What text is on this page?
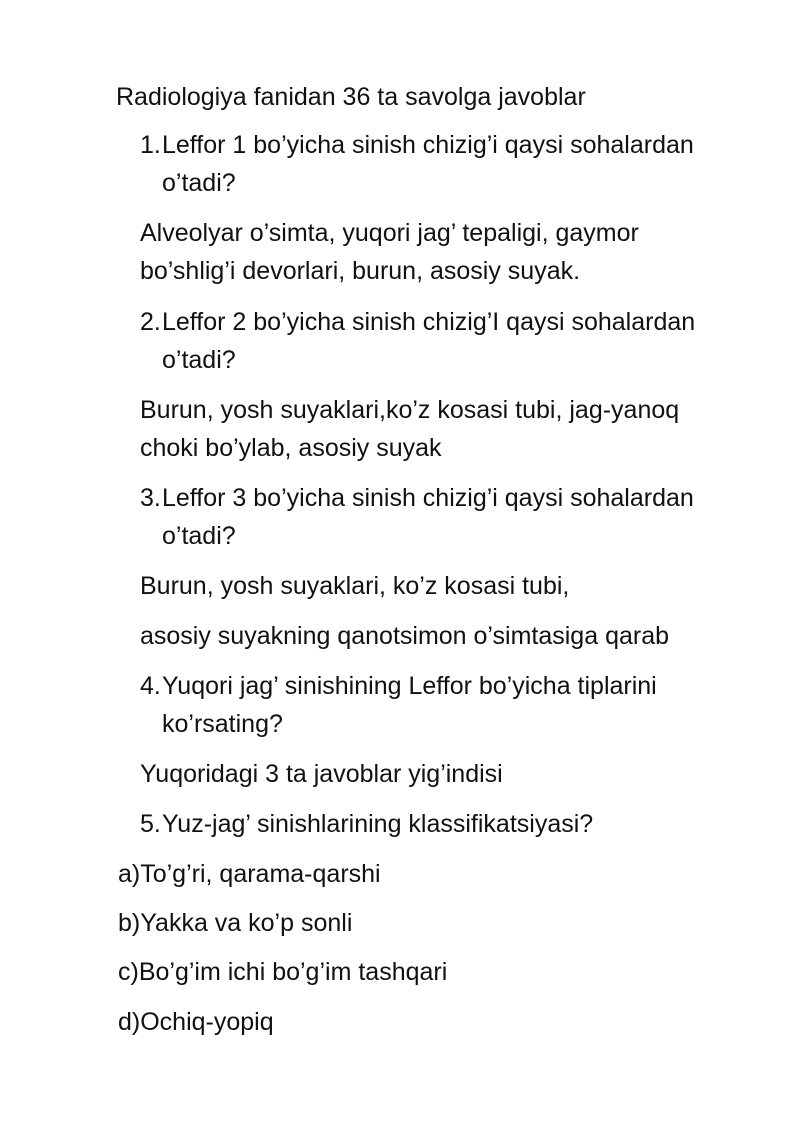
Radiologiya fanidan 36 ta savolga javoblar
1.Leffor 1 bo’yicha sinish chizig’i qaysi sohalardan
o’tadi?
Alveolyar o’simta, yuqori jag’ tepaligi, gaymor
bo’shlig’i devorlari, burun, asosiy suyak.
2.Leffor 2 bo’yicha sinish chizig’I qaysi sohalardan
o’tadi?
Burun, yosh suyaklari,ko’z kosasi tubi, jag-yanoq
choki bo’ylab, asosiy suyak
3.Leffor 3 bo’yicha sinish chizig’i qaysi sohalardan
o’tadi?
Burun, yosh suyaklari, ko’z kosasi tubi,
asosiy suyakning qanotsimon o’simtasiga qarab
4.Yuqori jag’ sinishining Leffor bo’yicha tiplarini
ko’rsating?
Yuqoridagi 3 ta javoblar yig’indisi
5.Yuz-jag’ sinishlarining klassifikatsiyasi?
a)To’g’ri, qarama-qarshi
b)Yakka va ko’p sonli
c)Bo’g’im ichi bo’g’im tashqari
d)Ochiq-yopiq
